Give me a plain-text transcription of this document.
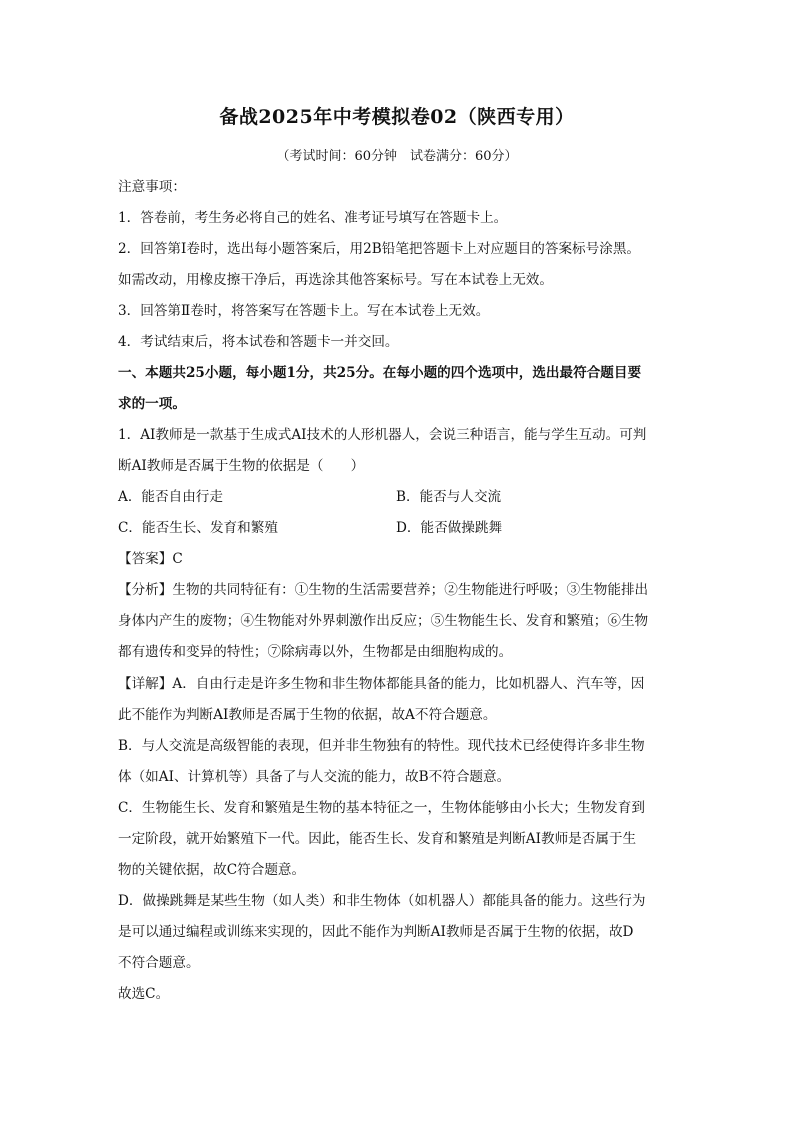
备战2025年中考模拟卷02（陕西专用）
（考试时间：60分钟　试卷满分：60分）
注意事项：
1．答卷前，考生务必将自己的姓名、准考证号填写在答题卡上。
2．回答第Ⅰ卷时，选出每小题答案后，用2B铅笔把答题卡上对应题目的答案标号涂黑。
如需改动，用橡皮擦干净后，再选涂其他答案标号。写在本试卷上无效。
3．回答第Ⅱ卷时，将答案写在答题卡上。写在本试卷上无效。
4．考试结束后，将本试卷和答题卡一并交回。
一、本题共25小题，每小题1分，共25分。在每小题的四个选项中，选出最符合题目要
求的一项。
1．AI教师是一款基于生成式AI技术的人形机器人，会说三种语言，能与学生互动。可判
断AI教师是否属于生物的依据是（　　）
A．能否自由行走	B．能否与人交流
C．能否生长、发育和繁殖	D．能否做操跳舞
【答案】C
【分析】生物的共同特征有：①生物的生活需要营养；②生物能进行呼吸；③生物能排出
身体内产生的废物；④生物能对外界刺激作出反应；⑤生物能生长、发育和繁殖；⑥生物
都有遗传和变异的特性；⑦除病毒以外，生物都是由细胞构成的。
【详解】A．自由行走是许多生物和非生物体都能具备的能力，比如机器人、汽车等，因
此不能作为判断AI教师是否属于生物的依据，故A不符合题意。
B．与人交流是高级智能的表现，但并非生物独有的特性。现代技术已经使得许多非生物
体（如AI、计算机等）具备了与人交流的能力，故B不符合题意。
C．生物能生长、发育和繁殖是生物的基本特征之一，生物体能够由小长大；生物发育到
一定阶段，就开始繁殖下一代。因此，能否生长、发育和繁殖是判断AI教师是否属于生
物的关键依据，故C符合题意。
D．做操跳舞是某些生物（如人类）和非生物体（如机器人）都能具备的能力。这些行为
是可以通过编程或训练来实现的，因此不能作为判断AI教师是否属于生物的依据，故D
不符合题意。
故选C。
